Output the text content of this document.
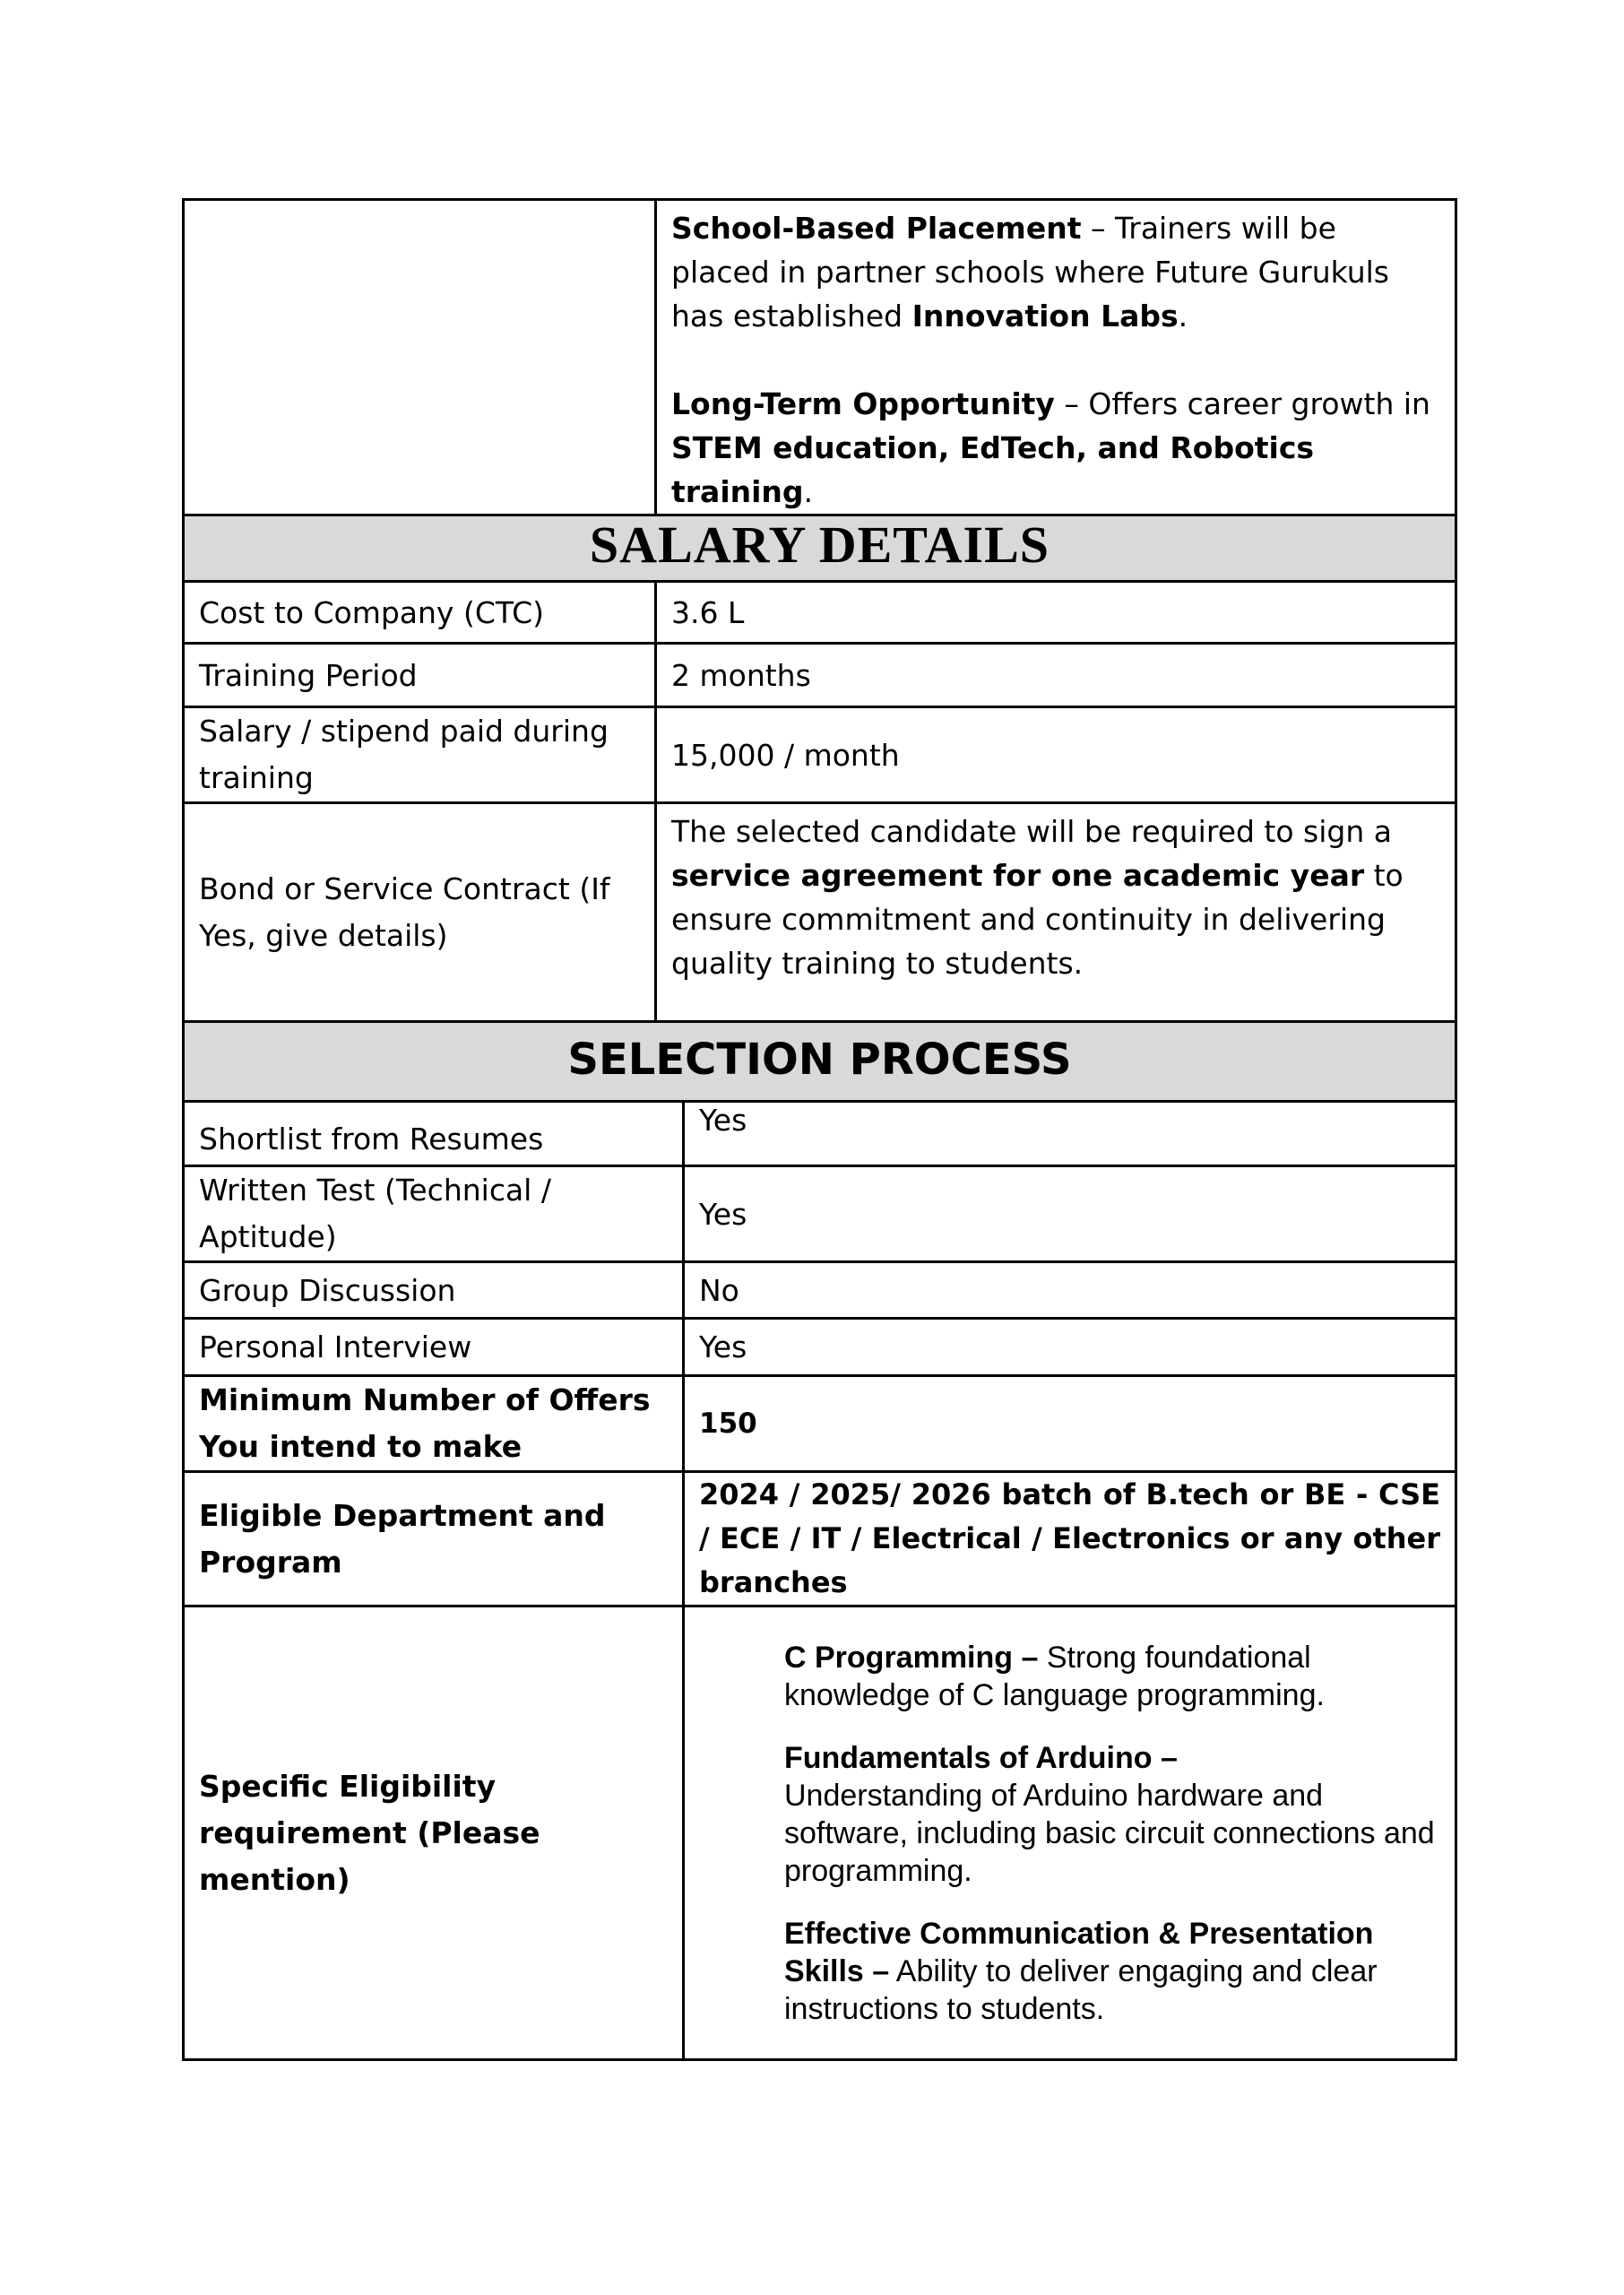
	School-Based Placement – Trainers will be placed in partner schools where Future Gurukuls has established Innovation Labs.

Long-Term Opportunity – Offers career growth in STEM education, EdTech, and Robotics training.	

SALARY DETAILS		
Cost to Company (CTC)	3.6 L	
Training Period	2 months	
Salary / stipend paid during training	15,000 / month	
Bond or Service Contract (If Yes, give details)	The selected candidate will be required to sign a service agreement for one academic year to ensure commitment and continuity in delivering quality training to students.	
SELECTION PROCESS		
Shortlist from Resumes		Yes
Written Test (Technical / Aptitude)		Yes
Group Discussion		No
Personal Interview		Yes
Minimum Number of Offers You intend to make		150
Eligible Department and Program		2024 / 2025/ 2026 batch of B.tech or BE - CSE / ECE / IT / Electrical / Electronics or any other branches
Specific Eligibility requirement (Please mention)		C Programming – Strong foundational knowledge of C language programming.

Fundamentals of Arduino –
Understanding of Arduino hardware and software, including basic circuit connections and programming.

Effective Communication & Presentation Skills – Ability to deliver engaging and clear instructions to students.
